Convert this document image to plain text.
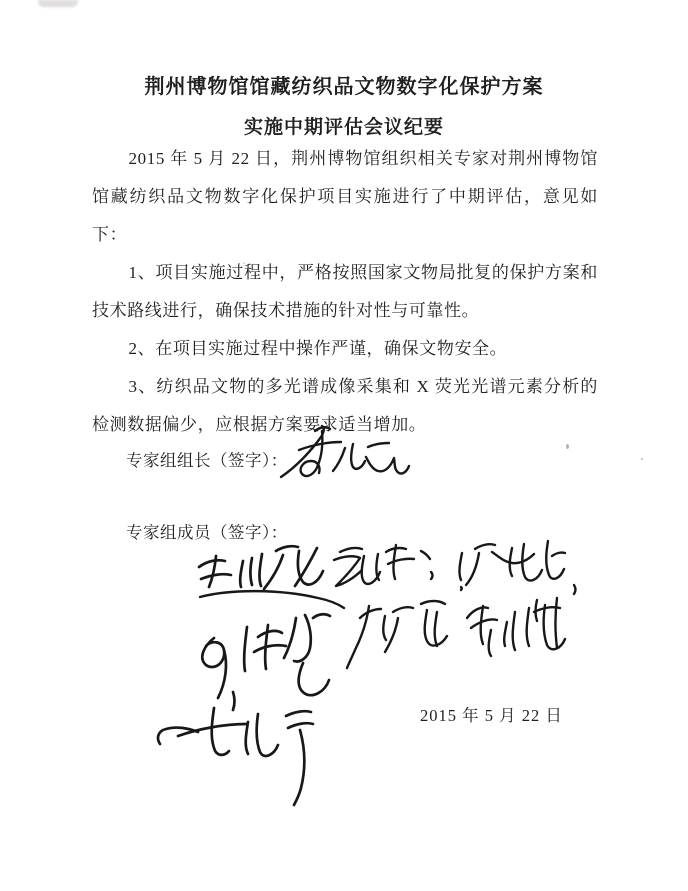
荆州博物馆馆藏纺织品文物数字化保护方案
实施中期评估会议纪要

2015 年 5 月 22 日，荆州博物馆组织相关专家对荆州博物馆馆藏纺织品文物数字化保护项目实施进行了中期评估，意见如下：

1、项目实施过程中，严格按照国家文物局批复的保护方案和技术路线进行，确保技术措施的针对性与可靠性。

2、在项目实施过程中操作严谨，确保文物安全。

3、纺织品文物的多光谱成像采集和 X 荧光光谱元素分析的检测数据偏少，应根据方案要求适当增加。

专家组组长（签字）：
专家组成员（签字）：
2015 年 5 月 22 日
